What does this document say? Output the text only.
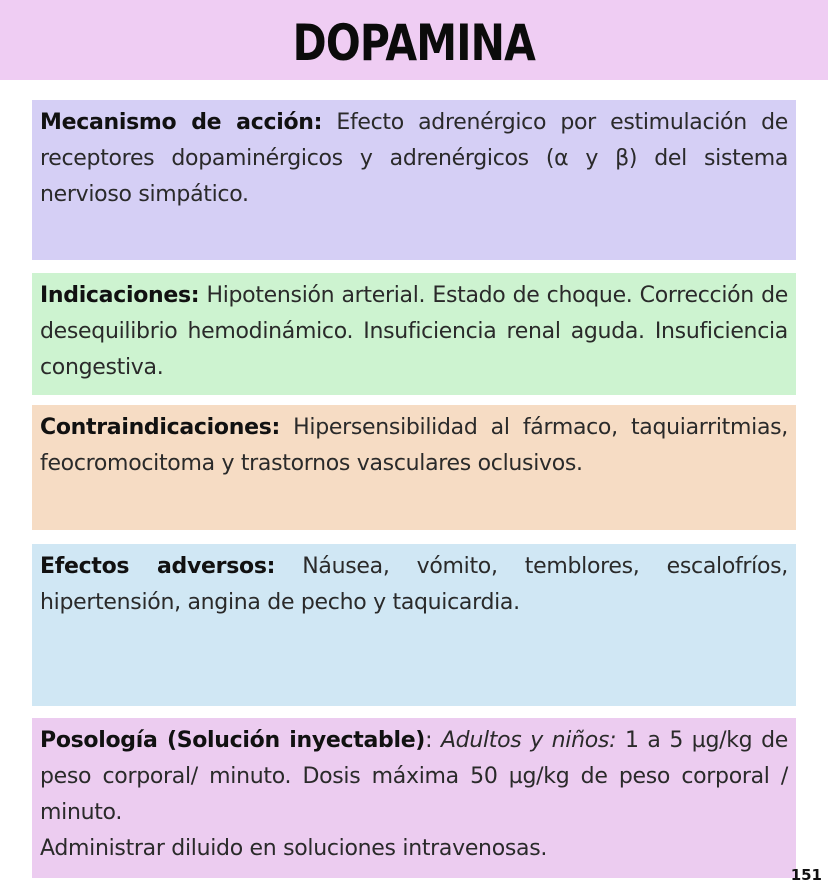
DOPAMINA

Mecanismo de acción: Efecto adrenérgico por estimulación de receptores dopaminérgicos y adrenérgicos (α y β) del sistema nervioso simpático.

Indicaciones: Hipotensión arterial. Estado de choque. Corrección de desequilibrio hemodinámico. Insuficiencia renal aguda. Insuficiencia congestiva.

Contraindicaciones: Hipersensibilidad al fármaco, taquiarritmias, feocromocitoma y trastornos vasculares oclusivos.

Efectos adversos: Náusea, vómito, temblores, escalofríos, hipertensión, angina de pecho y taquicardia.

Posología (Solución inyectable): Adultos y niños: 1 a 5 µg/kg de peso corporal/ minuto. Dosis máxima 50 µg/kg de peso corporal / minuto.

Administrar diluido en soluciones intravenosas.

151
